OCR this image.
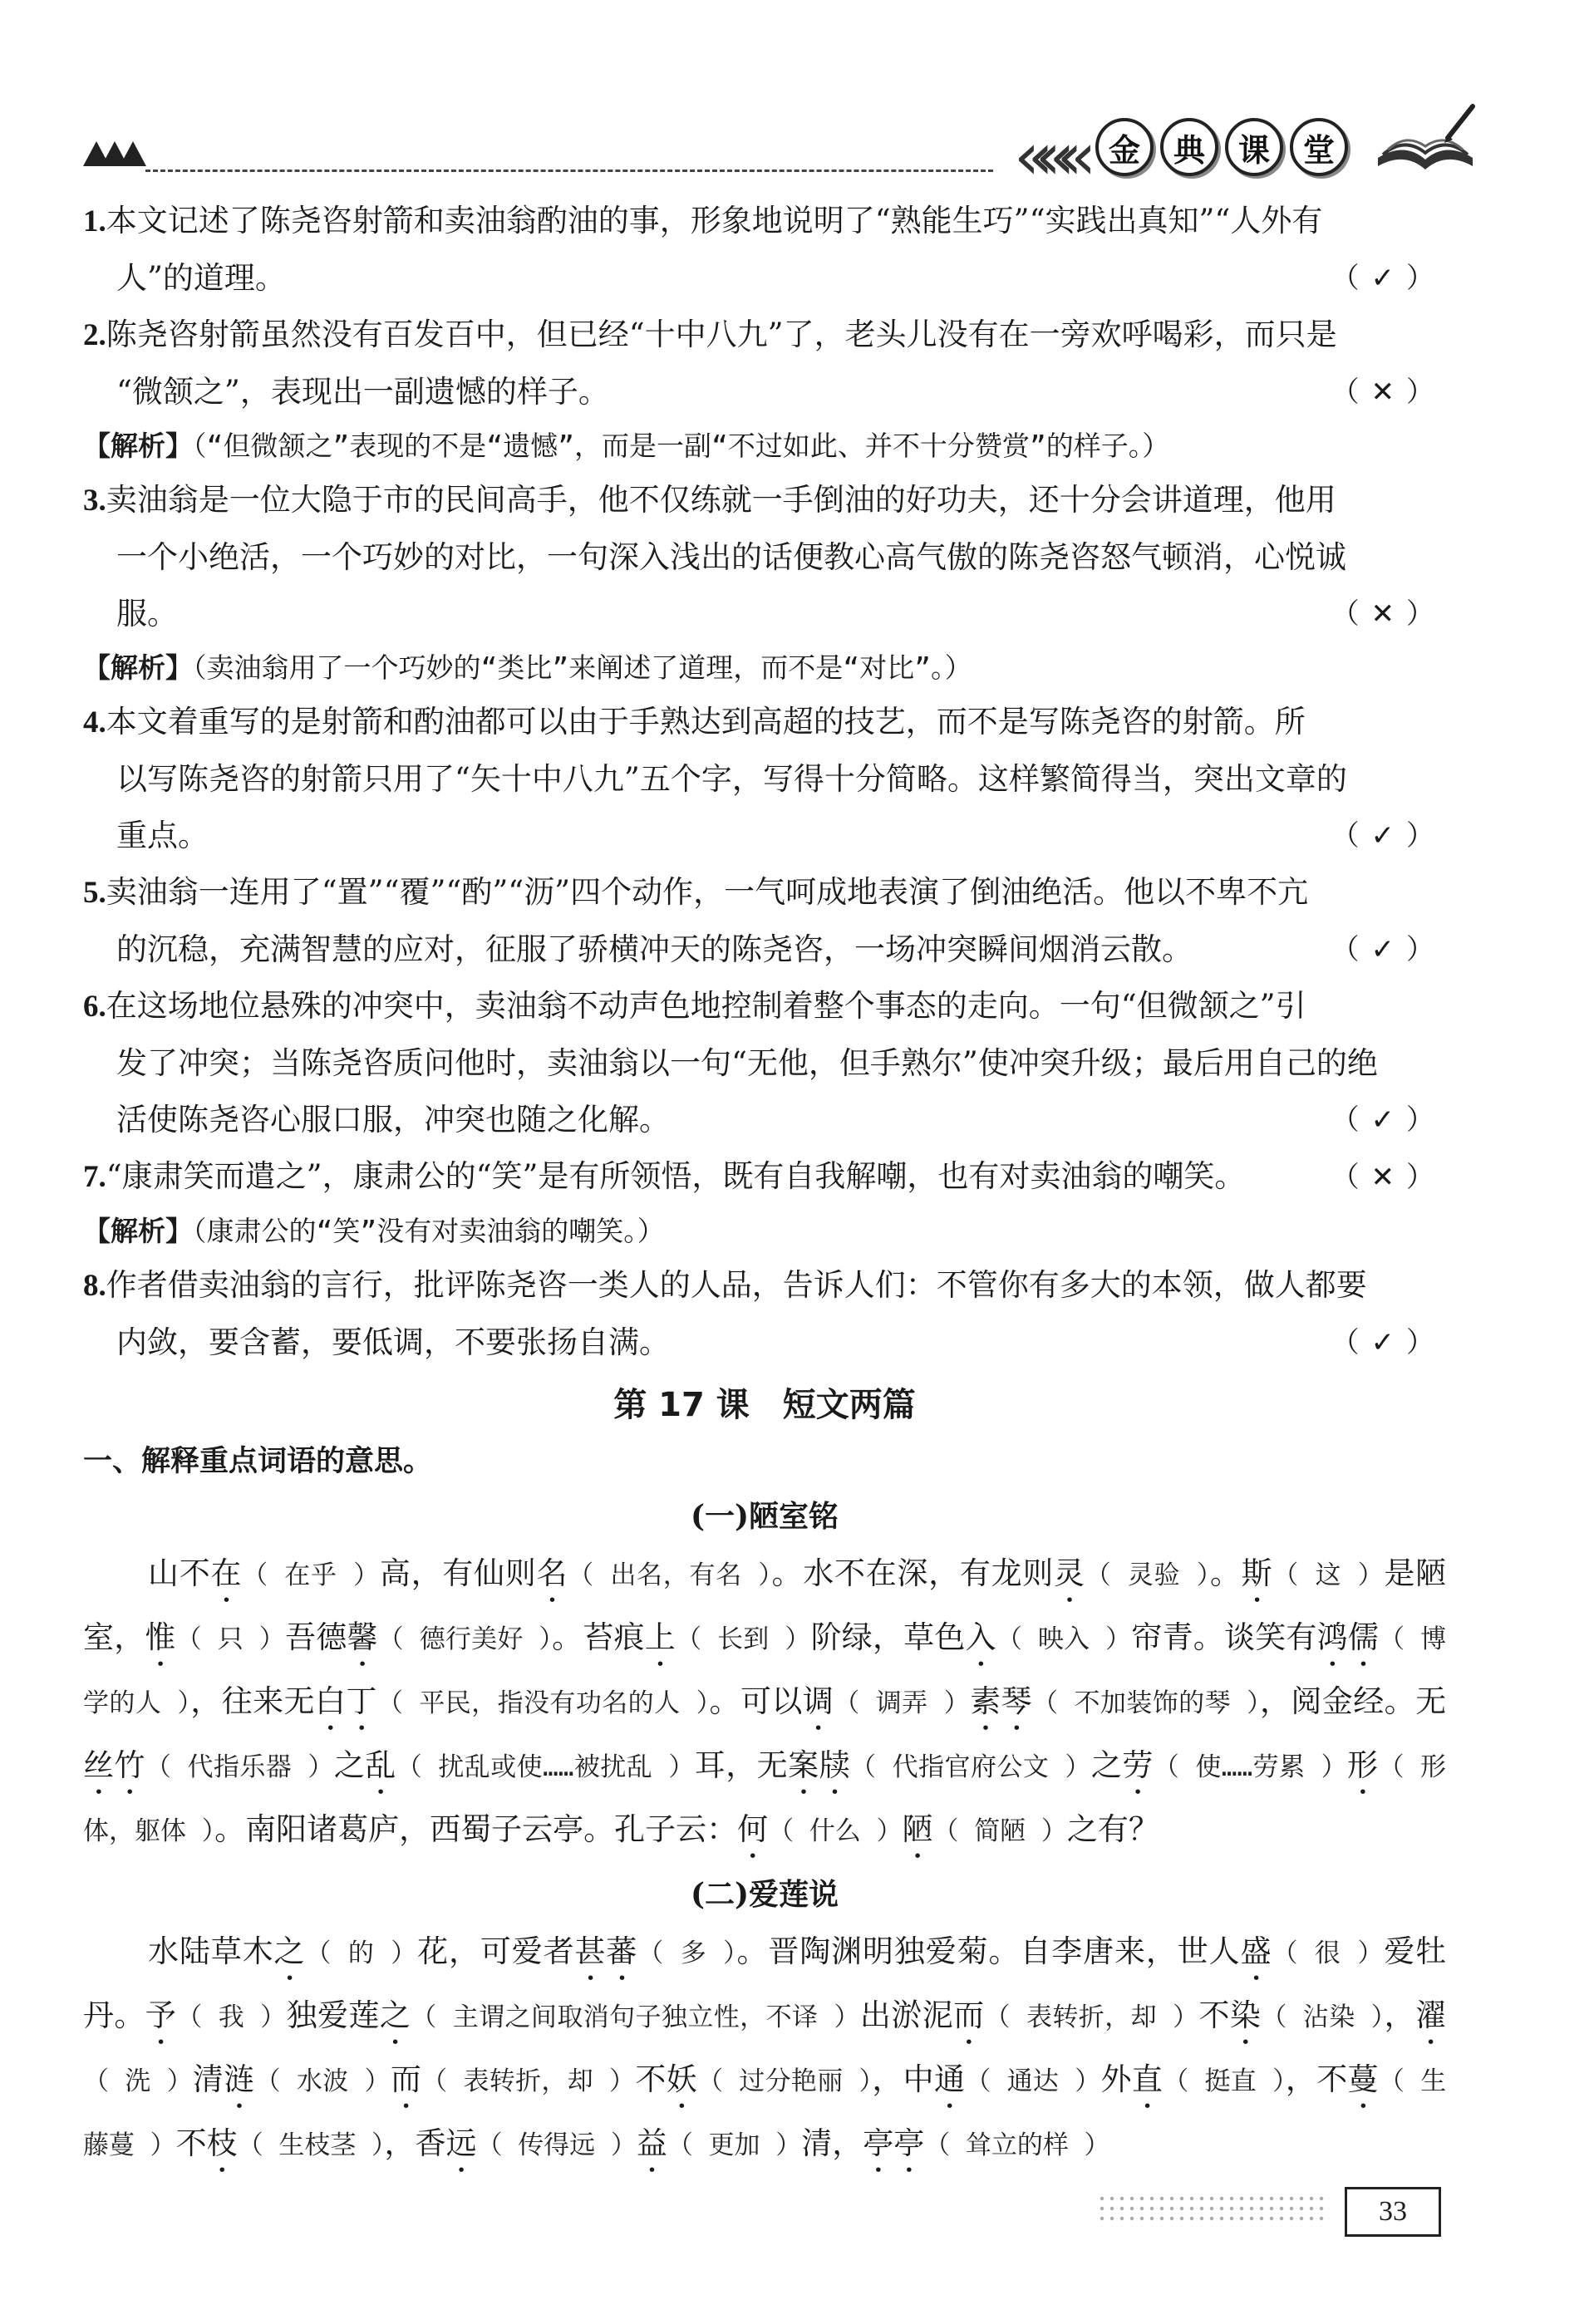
««« 金	典	课	堂

1.本文记述了陈尧咨射箭和卖油翁酌油的事，形象地说明了“熟能生巧”“实践出真知”“人外有

人”的道理。	（✓）

2.陈尧咨射箭虽然没有百发百中，但已经“十中八九”了，老头儿没有在一旁欢呼喝彩，而只是

“微颔之”，表现出一副遗憾的样子。	（✕）
【解析】（“但微颔之”表现的不是“遗憾”，而是一副“不过如此、并不十分赞赏”的样子。）

3.卖油翁是一位大隐于市的民间高手，他不仅练就一手倒油的好功夫，还十分会讲道理，他用

一个小绝活，一个巧妙的对比，一句深入浅出的话便教心高气傲的陈尧咨怒气顿消，心悦诚

服。	（✕）
【解析】（卖油翁用了一个巧妙的“类比”来阐述了道理，而不是“对比”。）

4.本文着重写的是射箭和酌油都可以由于手熟达到高超的技艺，而不是写陈尧咨的射箭。所

以写陈尧咨的射箭只用了“矢十中八九”五个字，写得十分简略。这样繁简得当，突出文章的

重点。	（✓）

5.卖油翁一连用了“置”“覆”“酌”“沥”四个动作，一气呵成地表演了倒油绝活。他以不卑不亢

的沉稳，充满智慧的应对，征服了骄横冲天的陈尧咨，一场冲突瞬间烟消云散。	（✓）

6.在这场地位悬殊的冲突中，卖油翁不动声色地控制着整个事态的走向。一句“但微颔之”引

发了冲突；当陈尧咨质问他时，卖油翁以一句“无他，但手熟尔”使冲突升级；最后用自己的绝

活使陈尧咨心服口服，冲突也随之化解。	（✓）

7.“康肃笑而遣之”，康肃公的“笑”是有所领悟，既有自我解嘲，也有对卖油翁的嘲笑。	（✕）
【解析】（康肃公的“笑”没有对卖油翁的嘲笑。）

8.作者借卖油翁的言行，批评陈尧咨一类人的人品，告诉人们：不管你有多大的本领，做人都要

内敛，要含蓄，要低调，不要张扬自满。	（✓）
第 17 课　短文两篇
一、解释重点词语的意思。
(一)陋室铭
山不在（ 在乎 ）高，有仙则名（ 出名，有名 ）。水不在深，有龙则灵（ 灵验 ）。斯（ 这 ）是陋室，惟（ 只 ）吾德馨（ 德行美好 ）。苔痕上（ 长到 ）阶绿，草色入（ 映入 ）帘青。谈笑有鸿儒（ 博学的人 ），往来无白丁（ 平民，指没有功名的人 ）。可以调（ 调弄 ）素琴（ 不加装饰的琴 ），阅金经。无丝竹（ 代指乐器 ）之乱（ 扰乱或使……被扰乱 ）耳，无案牍（ 代指官府公文 ）之劳（ 使……劳累 ）形（ 形体，躯体 ）。南阳诸葛庐，西蜀子云亭。孔子云：何（ 什么 ）陋（ 简陋 ）之有？
(二)爱莲说
水陆草木之（ 的 ）花，可爱者甚蕃（ 多 ）。晋陶渊明独爱菊。自李唐来，世人盛（ 很 ）爱牡丹。予（ 我 ）独爱莲之（ 主谓之间取消句子独立性，不译 ）出淤泥而（ 表转折，却 ）不染（ 沾染 ），濯（ 洗 ）清涟（ 水波 ）而（ 表转折，却 ）不妖（ 过分艳丽 ），中通（ 通达 ）外直（ 挺直 ），不蔓（ 生藤蔓 ）不枝（ 生枝茎 ），香远（ 传得远 ）益（ 更加 ）清，亭亭（ 耸立的样 ）
33
